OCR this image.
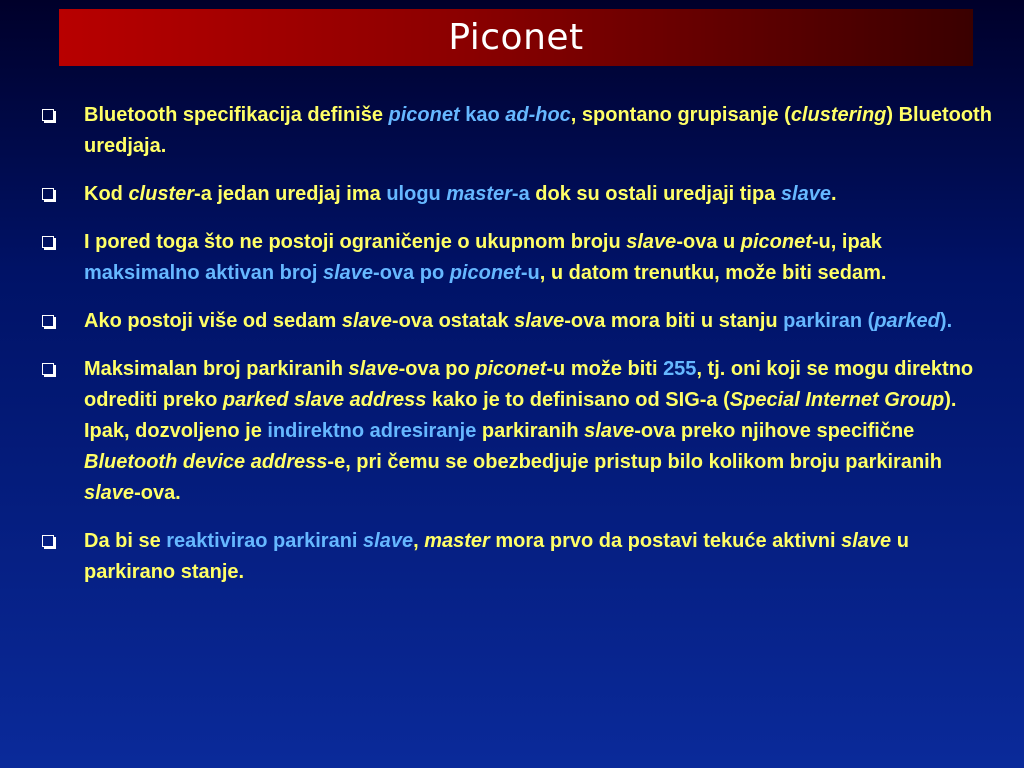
Piconet
Bluetooth specifikacija definiše piconet kao ad-hoc, spontano grupisanje (clustering) Bluetooth uredjaja.
Kod cluster-a jedan uredjaj ima ulogu master-a dok su ostali uredjaji tipa slave.
I pored toga što ne postoji ograničenje o ukupnom broju slave-ova u piconet-u, ipak maksimalno aktivan broj slave-ova po piconet-u, u datom trenutku, može biti sedam.
Ako postoji više od sedam slave-ova ostatak slave-ova mora biti u stanju parkiran (parked).
Maksimalan broj parkiranih slave-ova po piconet-u može biti 255, tj. oni koji se mogu direktno odrediti preko parked slave address kako je to definisano od SIG-a (Special Internet Group). Ipak, dozvoljeno je indirektno adresiranje parkiranih slave-ova preko njihove specifične Bluetooth device address-e, pri čemu se obezbedjuje pristup bilo kolikom broju parkiranih slave-ova.
Da bi se reaktivirao parkirani slave, master mora prvo da postavi tekuće aktivni slave u parkirano stanje.
